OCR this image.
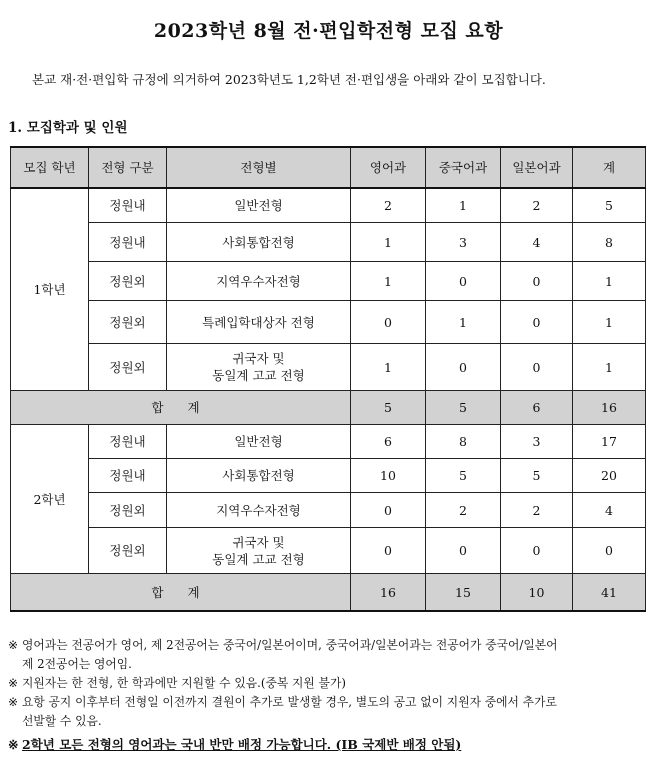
2023학년 8월 전·편입학전형 모집 요항
본교 재·전·편입학 규정에 의거하여 2023학년도 1,2학년 전·편입생을 아래와 같이 모집합니다.
1. 모집학과 및 인원
모집 학년	전형 구분	전형별	영어과	중국어과	일본어과	계
1학년	정원내	일반전형	2	1	2	5
	정원내	사회통합전형	1	3	4	8
	정원외	지역우수자전형	1	0	0	1
	정원외	특례입학대상자 전형	0	1	0	1
	정원외	귀국자 및
동일계 고교 전형	1	0	0	1
합 계			5	5	6	16
2학년	정원내	일반전형	6	8	3	17
	정원내	사회통합전형	10	5	5	20
	정원외	지역우수자전형	0	2	2	4
	정원외	귀국자 및
동일계 고교 전형	0	0	0	0
합 계			16	15	10	41
※ 영어과는 전공어가 영어, 제 2전공어는 중국어/일본어이며, 중국어과/일본어과는 전공어가 중국어/일본어
제 2전공어는 영어임.
※ 지원자는 한 전형, 한 학과에만 지원할 수 있음.(중복 지원 불가)
※ 요항 공지 이후부터 전형일 이전까지 결원이 추가로 발생할 경우, 별도의 공고 없이 지원자 중에서 추가로
선발할 수 있음.
※ 2학년 모든 전형의 영어과는 국내 반만 배정 가능합니다. (IB 국제반 배정 안됨)
